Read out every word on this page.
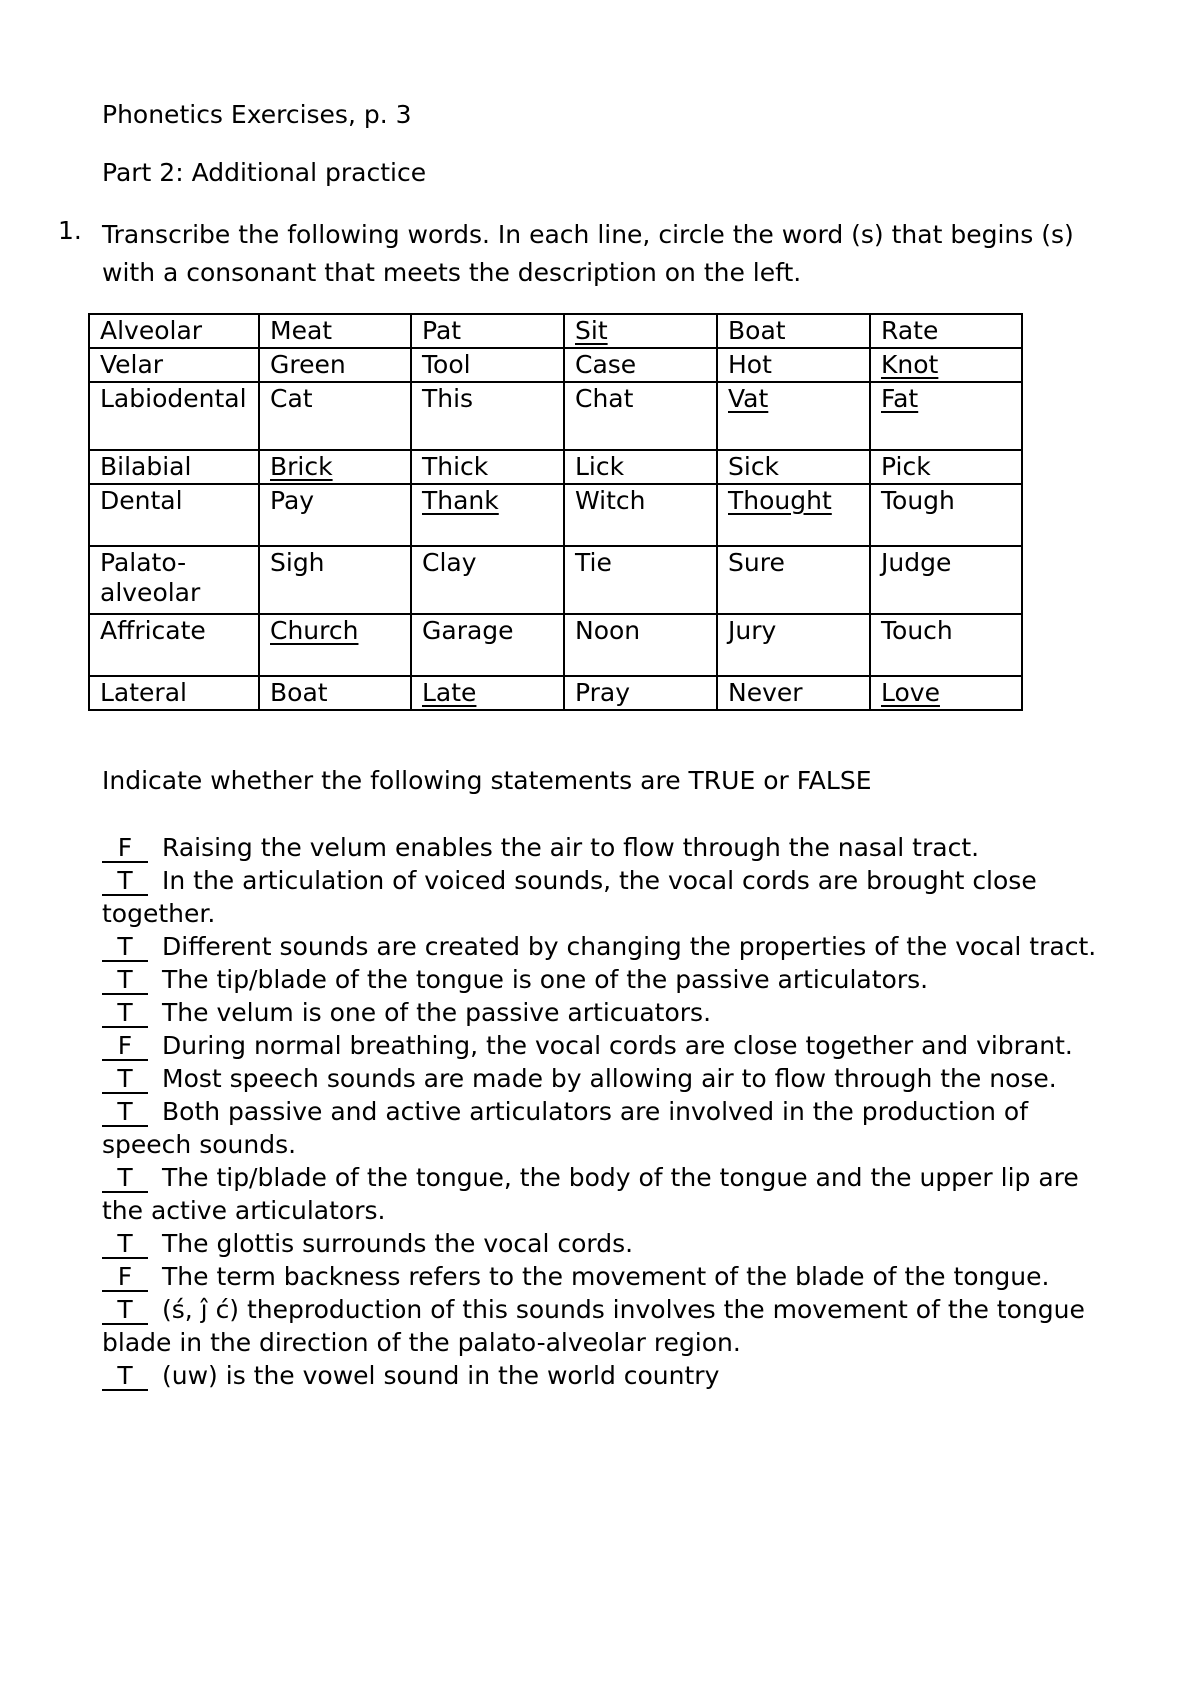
Phonetics Exercises, p. 3
Part 2: Additional practice
1. Transcribe the following words. In each line, circle the word (s) that begins (s) with a consonant that meets the description on the left.
Alveolar	Meat	Pat	Sit	Boat	Rate
Velar	Green	Tool	Case	Hot	Knot
Labiodental	Cat	This	Chat	Vat	Fat
Bilabial	Brick	Thick	Lick	Sick	Pick
Dental	Pay	Thank	Witch	Thought	Tough
Palato-alveolar	Sigh	Clay	Tie	Sure	Judge
Affricate	Church	Garage	Noon	Jury	Touch
Lateral	Boat	Late	Pray	Never	Love
Indicate whether the following statements are TRUE or FALSE

F Raising the velum enables the air to flow through the nasal tract.

T In the articulation of voiced sounds, the vocal cords are brought close together.

T Different sounds are created by changing the properties of the vocal tract.

T The tip/blade of the tongue is one of the passive articulators.

T The velum is one of the passive articuators.

F During normal breathing, the vocal cords are close together and vibrant.

T Most speech sounds are made by allowing air to flow through the nose.

T Both passive and active articulators are involved in the production of speech sounds.

T The tip/blade of the tongue, the body of the tongue and the upper lip are the active articulators.

T The glottis surrounds the vocal cords.

F The term backness refers to the movement of the blade of the tongue.

T (ś, ĵ ć) theproduction of this sounds involves the movement of the tongue blade in the direction of the palato-alveolar region.

T (uw) is the vowel sound in the world country
